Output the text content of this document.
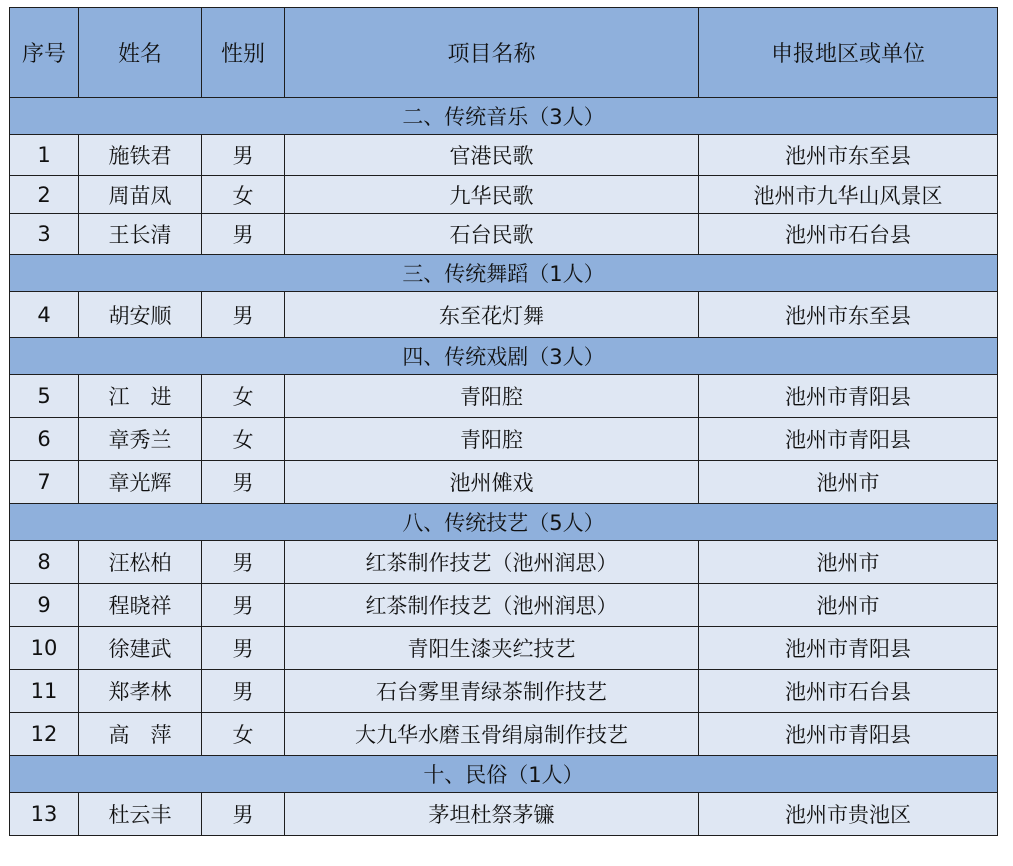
序号	姓名	性别	项目名称	申报地区或单位
二、传统音乐（3人）				
1	施铁君	男	官港民歌	池州市东至县
2	周苗凤	女	九华民歌	池州市九华山风景区
3	王长清	男	石台民歌	池州市石台县
三、传统舞蹈（1人）				
4	胡安顺	男	东至花灯舞	池州市东至县
四、传统戏剧（3人）				
5	江　进	女	青阳腔	池州市青阳县
6	章秀兰	女	青阳腔	池州市青阳县
7	章光辉	男	池州傩戏	池州市
八、传统技艺（5人）				
8	汪松柏	男	红茶制作技艺（池州润思）	池州市
9	程晓祥	男	红茶制作技艺（池州润思）	池州市
10	徐建武	男	青阳生漆夹纻技艺	池州市青阳县
11	郑孝林	男	石台雾里青绿茶制作技艺	池州市石台县
12	高　萍	女	大九华水磨玉骨绢扇制作技艺	池州市青阳县
十、民俗（1人）				
13	杜云丰	男	茅坦杜祭茅镰	池州市贵池区
